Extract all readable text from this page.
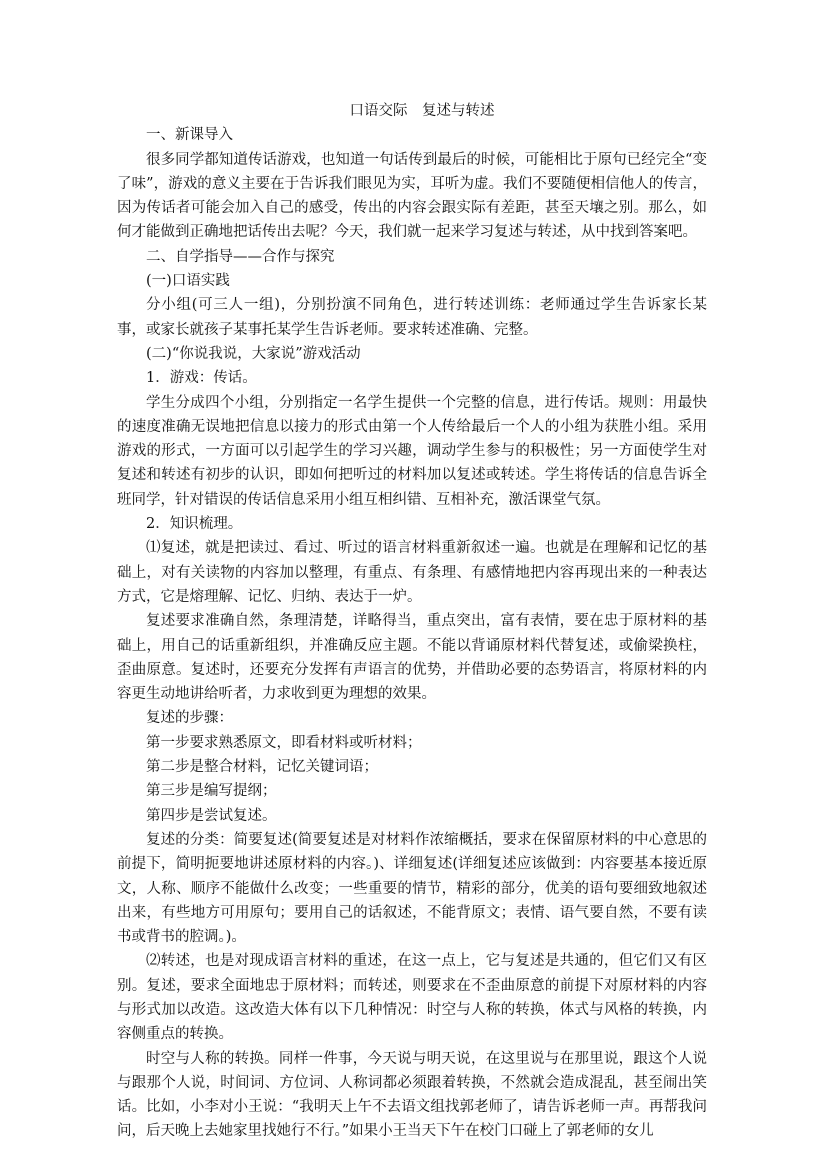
口语交际　复述与转述

一、新课导入

很多同学都知道传话游戏，也知道一句话传到最后的时候，可能相比于原句已经完全“变了味”，游戏的意义主要在于告诉我们眼见为实，耳听为虚。我们不要随便相信他人的传言，因为传话者可能会加入自己的感受，传出的内容会跟实际有差距，甚至天壤之别。那么，如何才能做到正确地把话传出去呢？今天，我们就一起来学习复述与转述，从中找到答案吧。

二、自学指导——合作与探究

(一)口语实践

分小组(可三人一组)，分别扮演不同角色，进行转述训练：老师通过学生告诉家长某事，或家长就孩子某事托某学生告诉老师。要求转述准确、完整。

(二)“你说我说，大家说”游戏活动

1．游戏：传话。

学生分成四个小组，分别指定一名学生提供一个完整的信息，进行传话。规则：用最快的速度准确无误地把信息以接力的形式由第一个人传给最后一个人的小组为获胜小组。采用游戏的形式，一方面可以引起学生的学习兴趣，调动学生参与的积极性；另一方面使学生对复述和转述有初步的认识，即如何把听过的材料加以复述或转述。学生将传话的信息告诉全班同学，针对错误的传话信息采用小组互相纠错、互相补充，激活课堂气氛。

2．知识梳理。

⑴复述，就是把读过、看过、听过的语言材料重新叙述一遍。也就是在理解和记忆的基础上，对有关读物的内容加以整理，有重点、有条理、有感情地把内容再现出来的一种表达方式，它是熔理解、记忆、归纳、表达于一炉。

复述要求准确自然，条理清楚，详略得当，重点突出，富有表情，要在忠于原材料的基础上，用自己的话重新组织，并准确反应主题。不能以背诵原材料代替复述，或偷梁换柱，歪曲原意。复述时，还要充分发挥有声语言的优势，并借助必要的态势语言，将原材料的内容更生动地讲给听者，力求收到更为理想的效果。

复述的步骤：

第一步要求熟悉原文，即看材料或听材料；

第二步是整合材料，记忆关键词语；

第三步是编写提纲；

第四步是尝试复述。

复述的分类：简要复述(简要复述是对材料作浓缩概括，要求在保留原材料的中心意思的前提下，简明扼要地讲述原材料的内容。)、详细复述(详细复述应该做到：内容要基本接近原文，人称、顺序不能做什么改变；一些重要的情节，精彩的部分，优美的语句要细致地叙述出来，有些地方可用原句；要用自己的话叙述，不能背原文；表情、语气要自然，不要有读书或背书的腔调。)。

⑵转述，也是对现成语言材料的重述，在这一点上，它与复述是共通的，但它们又有区别。复述，要求全面地忠于原材料；而转述，则要求在不歪曲原意的前提下对原材料的内容与形式加以改造。这改造大体有以下几种情况：时空与人称的转换，体式与风格的转换，内容侧重点的转换。

时空与人称的转换。同样一件事，今天说与明天说，在这里说与在那里说，跟这个人说与跟那个人说，时间词、方位词、人称词都必须跟着转换，不然就会造成混乱，甚至闹出笑话。比如，小李对小王说：“我明天上午不去语文组找郭老师了，请告诉老师一声。再帮我问问，后天晚上去她家里找她行不行。”如果小王当天下午在校门口碰上了郭老师的女儿
